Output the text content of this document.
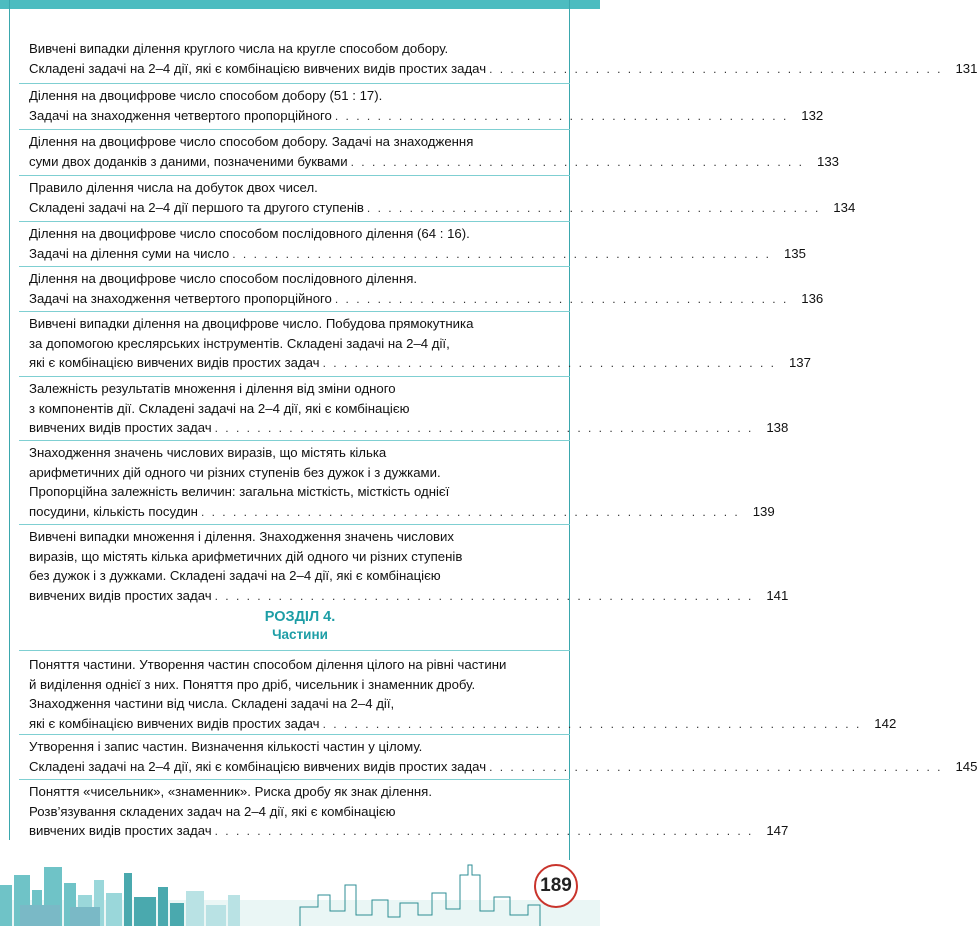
Вивчені випадки ділення круглого числа на кругле способом добору.
Складені задачі на 2–4 дії, які є комбінацією вивчених видів простих задач . . . . . . . . . . . . . . . . . . . . . . . . . . . . . . . . . . . . . . . . . . . 131
Ділення на двоцифрове число способом добору (51 : 17).
Задачі на знаходження четвертого пропорційного . . . . . . . . . . . . . . . . . . . . . . . . . . . . . . . . . . . . . . . . . . . 132
Ділення на двоцифрове число способом добору. Задачі на знаходження
суми двох доданків з даними, позначеними буквами . . . . . . . . . . . . . . . . . . . . . . . . . . . . . . . . . . . . . . . . . . . 133
Правило ділення числа на добуток двох чисел.
Складені задачі на 2–4 дії першого та другого ступенів . . . . . . . . . . . . . . . . . . . . . . . . . . . . . . . . . . . . . . . . . . . 134
Ділення на двоцифрове число способом послідовного ділення (64 : 16).
Задачі на ділення суми на число . . . . . . . . . . . . . . . . . . . . . . . . . . . . . . . . . . . . . . . . . . . . . . . . . . . 135
Ділення на двоцифрове число способом послідовного ділення.
Задачі на знаходження четвертого пропорційного . . . . . . . . . . . . . . . . . . . . . . . . . . . . . . . . . . . . . . . . . . . 136
Вивчені випадки ділення на двоцифрове число. Побудова прямокутника
за допомогою креслярських інструментів. Складені задачі на 2–4 дії,
які є комбінацією вивчених видів простих задач . . . . . . . . . . . . . . . . . . . . . . . . . . . . . . . . . . . . . . . . . . . 137
Залежність результатів множення і ділення від зміни одного
з компонентів дії. Складені задачі на 2–4 дії, які є комбінацією
вивчених видів простих задач . . . . . . . . . . . . . . . . . . . . . . . . . . . . . . . . . . . . . . . . . . . . . . . . . . . 138
Знаходження значень числових виразів, що містять кілька
арифметичних дій одного чи різних ступенів без дужок і з дужками.
Пропорційна залежність величин: загальна місткість, місткість однієї
посудини, кількість посудин . . . . . . . . . . . . . . . . . . . . . . . . . . . . . . . . . . . . . . . . . . . . . . . . . . . 139
Вивчені випадки множення і ділення. Знаходження значень числових
виразів, що містять кілька арифметичних дій одного чи різних ступенів
без дужок і з дужками. Складені задачі на 2–4 дії, які є комбінацією
вивчених видів простих задач . . . . . . . . . . . . . . . . . . . . . . . . . . . . . . . . . . . . . . . . . . . . . . . . . . . 141
РОЗДІЛ 4.
Частини
Поняття частини. Утворення частин способом ділення цілого на рівні частини
й виділення однієї з них. Поняття про дріб, чисельник і знаменник дробу.
Знаходження частини від числа. Складені задачі на 2–4 дії,
які є комбінацією вивчених видів простих задач . . . . . . . . . . . . . . . . . . . . . . . . . . . . . . . . . . . . . . . . . . . . . . . . . . . 142
Утворення і запис частин. Визначення кількості частин у цілому.
Складені задачі на 2–4 дії, які є комбінацією вивчених видів простих задач . . . . . . . . . . . . . . . . . . . . . . . . . . . . . . . . . . . . . . . . . . . 145
Поняття «чисельник», «знаменник». Риска дробу як знак ділення.
Розв’язування складених задач на 2–4 дії, які є комбінацією
вивчених видів простих задач . . . . . . . . . . . . . . . . . . . . . . . . . . . . . . . . . . . . . . . . . . . . . . . . . . . 147
189
